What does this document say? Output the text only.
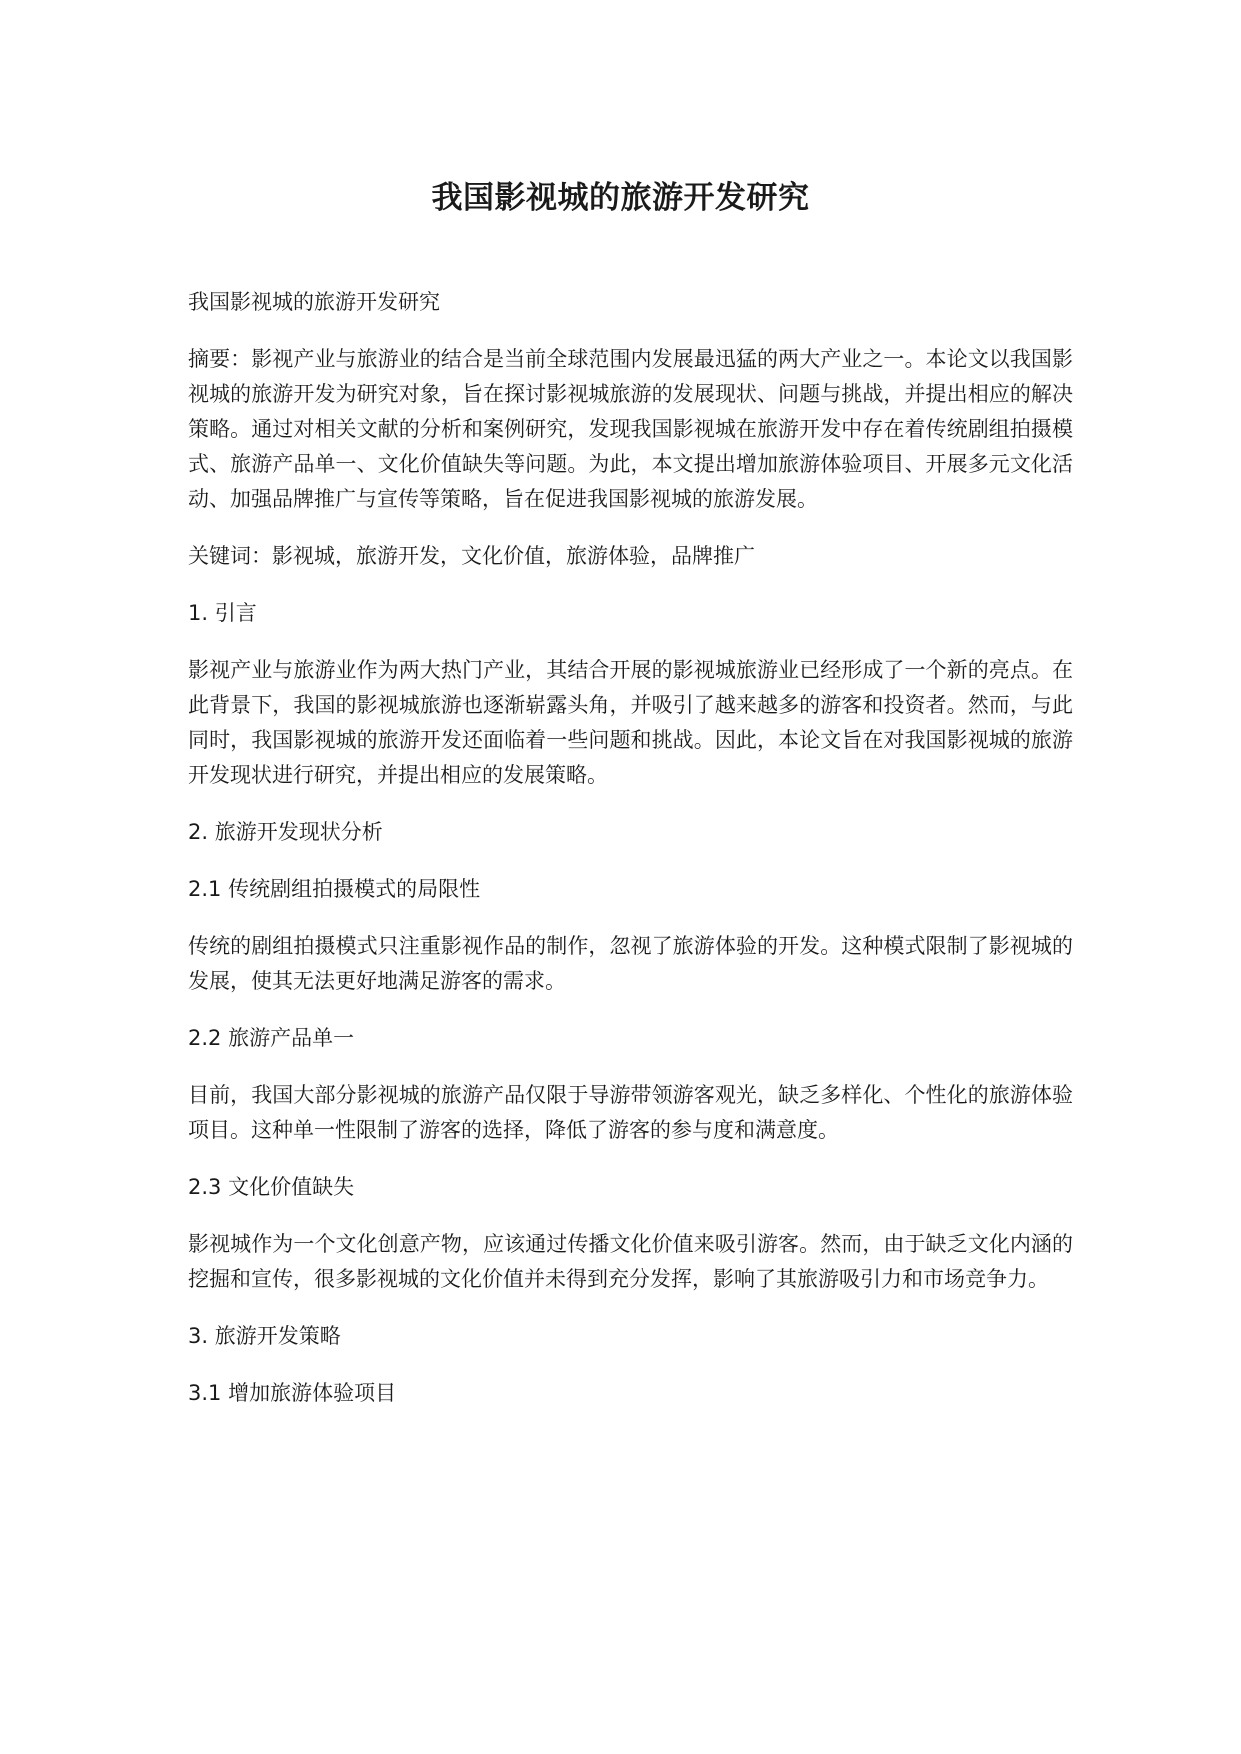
我国影视城的旅游开发研究

我国影视城的旅游开发研究

摘要：影视产业与旅游业的结合是当前全球范围内发展最迅猛的两大产业之一。本论文以我国影视城的旅游开发为研究对象，旨在探讨影视城旅游的发展现状、问题与挑战，并提出相应的解决策略。通过对相关文献的分析和案例研究，发现我国影视城在旅游开发中存在着传统剧组拍摄模式、旅游产品单一、文化价值缺失等问题。为此，本文提出增加旅游体验项目、开展多元文化活动、加强品牌推广与宣传等策略，旨在促进我国影视城的旅游发展。

关键词：影视城，旅游开发，文化价值，旅游体验，品牌推广

1. 引言

影视产业与旅游业作为两大热门产业，其结合开展的影视城旅游业已经形成了一个新的亮点。在此背景下，我国的影视城旅游也逐渐崭露头角，并吸引了越来越多的游客和投资者。然而，与此同时，我国影视城的旅游开发还面临着一些问题和挑战。因此，本论文旨在对我国影视城的旅游开发现状进行研究，并提出相应的发展策略。

2. 旅游开发现状分析

2.1 传统剧组拍摄模式的局限性

传统的剧组拍摄模式只注重影视作品的制作，忽视了旅游体验的开发。这种模式限制了影视城的发展，使其无法更好地满足游客的需求。

2.2 旅游产品单一

目前，我国大部分影视城的旅游产品仅限于导游带领游客观光，缺乏多样化、个性化的旅游体验项目。这种单一性限制了游客的选择，降低了游客的参与度和满意度。

2.3 文化价值缺失

影视城作为一个文化创意产物，应该通过传播文化价值来吸引游客。然而，由于缺乏文化内涵的挖掘和宣传，很多影视城的文化价值并未得到充分发挥，影响了其旅游吸引力和市场竞争力。

3. 旅游开发策略

3.1 增加旅游体验项目
